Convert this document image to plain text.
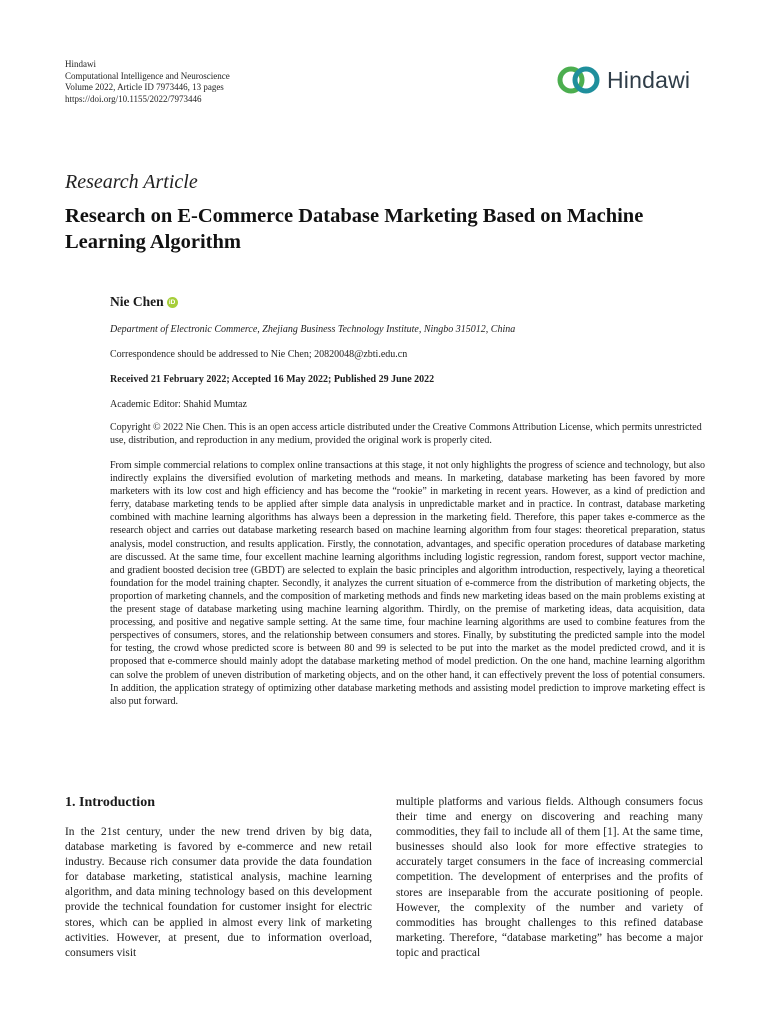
Hindawi
Computational Intelligence and Neuroscience
Volume 2022, Article ID 7973446, 13 pages
https://doi.org/10.1155/2022/7973446
Hindawi
Research Article
Research on E-Commerce Database Marketing Based on Machine Learning Algorithm
Nie Chen iD
Department of Electronic Commerce, Zhejiang Business Technology Institute, Ningbo 315012, China
Correspondence should be addressed to Nie Chen; 20820048@zbti.edu.cn
Received 21 February 2022; Accepted 16 May 2022; Published 29 June 2022
Academic Editor: Shahid Mumtaz

Copyright © 2022 Nie Chen. This is an open access article distributed under the Creative Commons Attribution License, which permits unrestricted use, distribution, and reproduction in any medium, provided the original work is properly cited.

From simple commercial relations to complex online transactions at this stage, it not only highlights the progress of science and technology, but also indirectly explains the diversified evolution of marketing methods and means. In marketing, database marketing has been favored by more marketers with its low cost and high efficiency and has become the “rookie” in marketing in recent years. However, as a kind of prediction and ferry, database marketing tends to be applied after simple data analysis in unpredictable market and in practice. In contrast, database marketing combined with machine learning algorithms has always been a depression in the marketing field. Therefore, this paper takes e-commerce as the research object and carries out database marketing research based on machine learning algorithm from four stages: theoretical preparation, status analysis, model construction, and results application. Firstly, the connotation, advantages, and specific operation procedures of database marketing are discussed. At the same time, four excellent machine learning algorithms including logistic regression, random forest, support vector machine, and gradient boosted decision tree (GBDT) are selected to explain the basic principles and algorithm introduction, respectively, laying a theoretical foundation for the model training chapter. Secondly, it analyzes the current situation of e-commerce from the distribution of marketing objects, the proportion of marketing channels, and the composition of marketing methods and finds new marketing ideas based on the main problems existing at the present stage of database marketing using machine learning algorithm. Thirdly, on the premise of marketing ideas, data acquisition, data processing, and positive and negative sample setting. At the same time, four machine learning algorithms are used to combine features from the perspectives of consumers, stores, and the relationship between consumers and stores. Finally, by substituting the predicted sample into the model for testing, the crowd whose predicted score is between 80 and 99 is selected to be put into the market as the model predicted crowd, and it is proposed that e-commerce should mainly adopt the database marketing method of model prediction. On the one hand, machine learning algorithm can solve the problem of uneven distribution of marketing objects, and on the other hand, it can effectively prevent the loss of potential consumers. In addition, the application strategy of optimizing other database marketing methods and assisting model prediction to improve marketing effect is also put forward.

1. Introduction

In the 21st century, under the new trend driven by big data, database marketing is favored by e-commerce and new retail industry. Because rich consumer data provide the data foundation for database marketing, statistical analysis, machine learning algorithm, and data mining technology based on this development provide the technical foundation for customer insight for electric stores, which can be applied in almost every link of marketing activities. However, at present, due to information overload, consumers visit

multiple platforms and various fields. Although consumers focus their time and energy on discovering and reaching many commodities, they fail to include all of them [1]. At the same time, businesses should also look for more effective strategies to accurately target consumers in the face of increasing commercial competition. The development of enterprises and the profits of stores are inseparable from the accurate positioning of people. However, the complexity of the number and variety of commodities has brought challenges to this refined database marketing. Therefore, “database marketing” has become a major topic and practical
